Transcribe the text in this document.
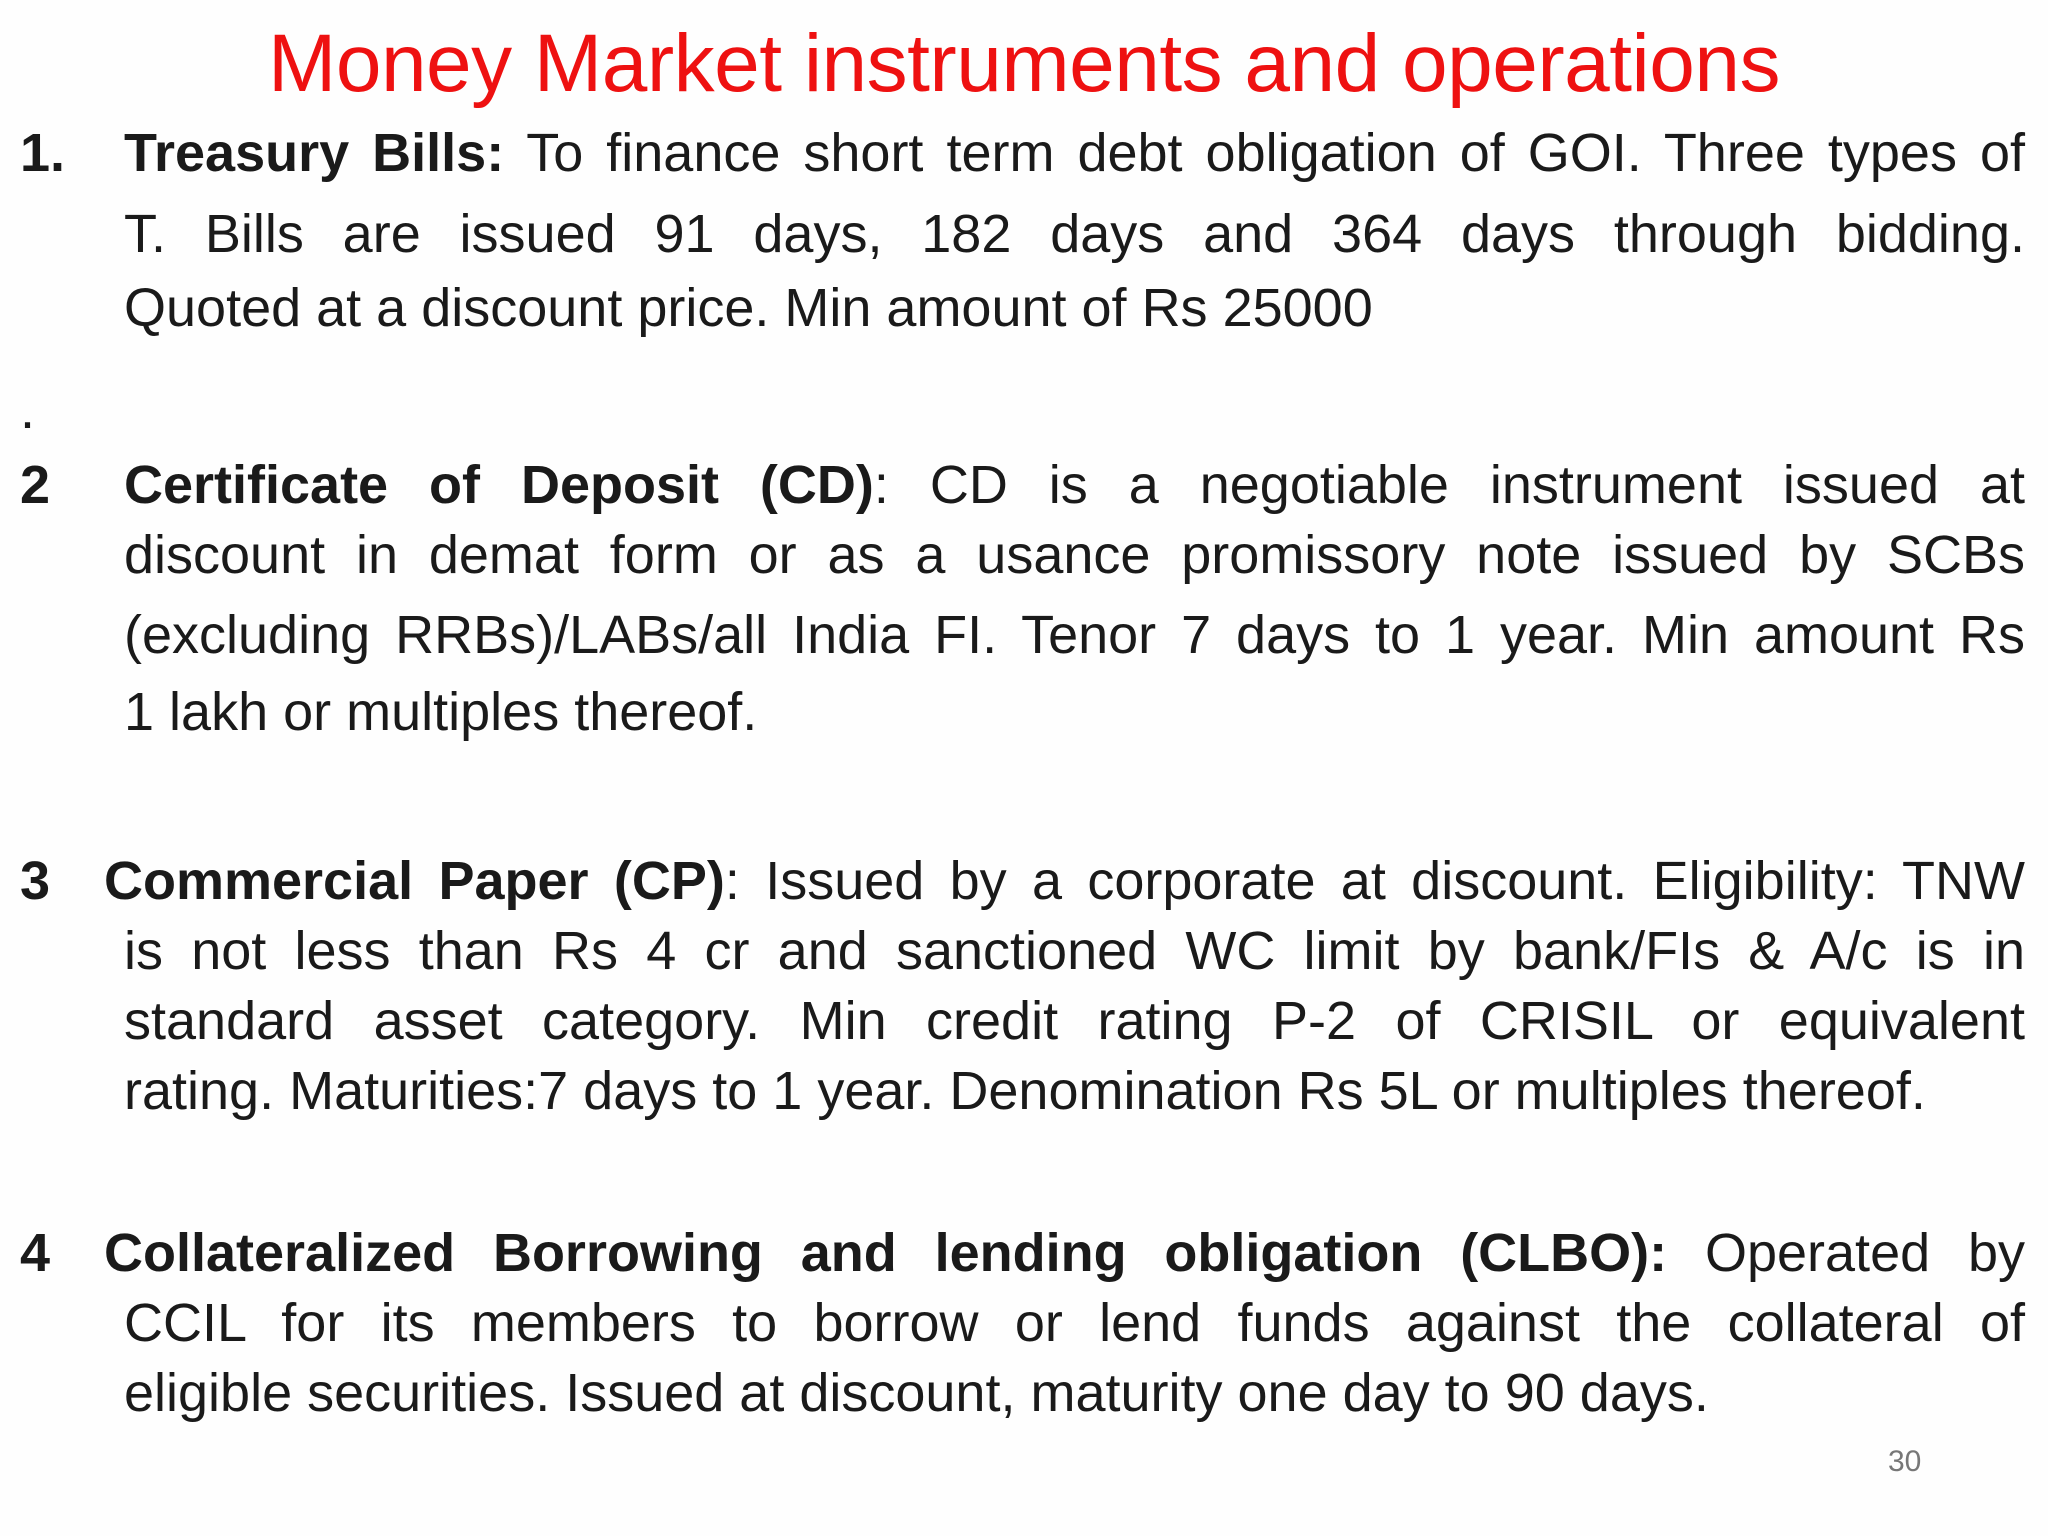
Money Market instruments and operations
1. Treasury Bills: To finance short term debt obligation of GOI. Three types of
T. Bills are issued 91 days, 182 days and 364 days through bidding.
Quoted at a discount price. Min amount of Rs 25000
.
2 Certificate of Deposit (CD): CD is a negotiable instrument issued at
discount in demat form or as a usance promissory note issued by SCBs
(excluding RRBs)/LABs/all India FI. Tenor 7 days to 1 year. Min amount Rs
1 lakh or multiples thereof.
3 Commercial Paper (CP): Issued by a corporate at discount. Eligibility: TNW
is not less than Rs 4 cr and sanctioned WC limit by bank/FIs & A/c is in
standard asset category. Min credit rating P-2 of CRISIL or equivalent
rating. Maturities:7 days to 1 year. Denomination Rs 5L or multiples thereof.
4 Collateralized Borrowing and lending obligation (CLBO): Operated by
CCIL for its members to borrow or lend funds against the collateral of
eligible securities. Issued at discount, maturity one day to 90 days.
30
